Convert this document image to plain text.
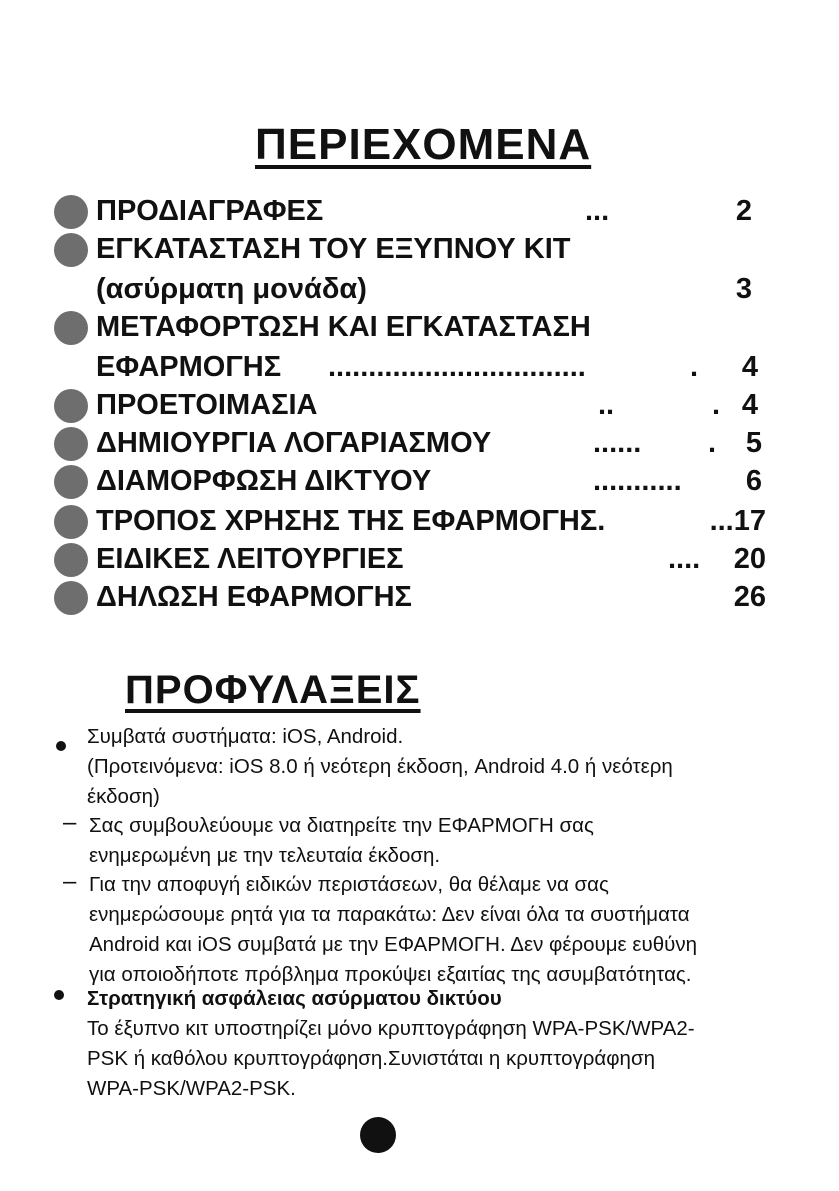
ΠΕΡΙΕΧΟΜΕΝΑ
ΠΡΟΔΙΑΓΡΑΦΕΣ	...	2
ΕΓΚΑΤΑΣΤΑΣΗ ΤΟΥ ΕΞΥΠΝΟΥ ΚΙΤ
(ασύρματη μονάδα)	3
ΜΕΤΑΦΟΡΤΩΣΗ ΚΑΙ ΕΓΚΑΤΑΣΤΑΣΗ
ΕΦΑΡΜΟΓΗΣ ................................	.	4
ΠΡΟΕΤΟΙΜΑΣΙΑ	..	. 4
ΔΗΜΙΟΥΡΓΙΑ ΛΟΓΑΡΙΑΣΜΟΥ	...... .	5
ΔΙΑΜΟΡΦΩΣΗ ΔΙΚΤΥΟΥ	...........	6
ΤΡΟΠΟΣ ΧΡΗΣΗΣ ΤΗΣ ΕΦΑΡΜΟΓΗΣ.	...17
ΕΙΔΙΚΕΣ ΛΕΙΤΟΥΡΓΙΕΣ	....	20
ΔΗΛΩΣΗ ΕΦΑΡΜΟΓΗΣ	26
ΠΡΟΦΥΛΑΞΕΙΣ
Συμβατά συστήματα: iOS, Android.
(Προτεινόμενα: iOS 8.0 ή νεότερη έκδοση, Android 4.0 ή νεότερη
έκδοση)
– Σας συμβουλεύουμε να διατηρείτε την ΕΦΑΡΜΟΓΗ σας
ενημερωμένη με την τελευταία έκδοση.
– Για την αποφυγή ειδικών περιστάσεων, θα θέλαμε να σας
ενημερώσουμε ρητά για τα παρακάτω: Δεν είναι όλα τα συστήματα
Android και iOS συμβατά με την ΕΦΑΡΜΟΓΗ. Δεν φέρουμε ευθύνη
για οποιοδήποτε πρόβλημα προκύψει εξαιτίας της ασυμβατότητας.
Στρατηγική ασφάλειας ασύρματου δικτύου
Το έξυπνο κιτ υποστηρίζει μόνο κρυπτογράφηση WPA-PSK/WPA2-
PSK ή καθόλου κρυπτογράφηση.Συνιστάται η κρυπτογράφηση
WPA-PSK/WPA2-PSK.
